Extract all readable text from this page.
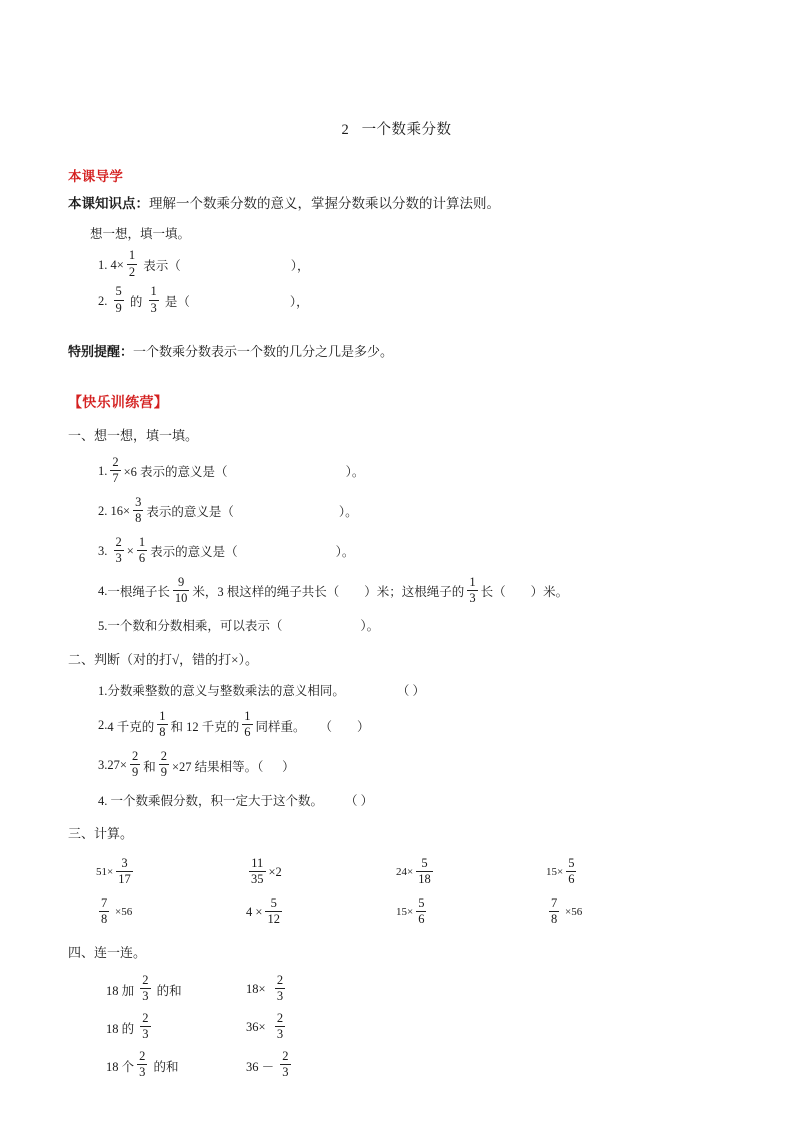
2   一个数乘分数
本课导学
本课知识点：理解一个数乘分数的意义，掌握分数乘以分数的计算法则。
想一想，填一填。
1.
$4\times \frac{1}{2}$ 表示（	），
2.
$\frac{5}{9}$ 的 $\frac{1}{3}$ 是（	），
特别提醒：一个数乘分数表示一个数的几分之几是多少。
【快乐训练营】
一、想一想，填一填。
1. $\frac{2}{7} \times 6$ 表示的意义是（	）。
2.
$16\times \frac{3}{8}$ 表示的意义是（	）。
3.
$\frac{2}{3} \times \frac{1}{6}$ 表示的意义是（	）。
4. 一根绳子长 $\frac{9}{10}$ 米，3 根这样的绳子共长（
　　 ）米；这根绳子的 $\frac{1}{3}$ 长（
　　 ）米。
5.一个数和分数相乘，可以表示（	）。
二、判断（对的打√，错的打×）。
1.分数乘整数的意义与整数乘法的意义相同。	（ ）
2. 4 千克的 $\frac{1}{8}$ 和 12 千克的 $\frac{1}{6}$ 同样重。 （        ）
3. $27\times \frac{2}{9}$ 和 $\frac{2}{9} \times 27$ 结果相等。（ ）
4. 一个数乘假分数，积一定大于这个数。 （ ）
三、计算。
$51\times \frac{3}{17}$	$\frac{11}{35} \times 2$	$24\times \frac{5}{18}$	$15\times \frac{5}{6}$
$\frac{7}{8} \times 56$	$4 \times \frac{5}{12}$	$15\times \frac{5}{6}$	$\frac{7}{8} \times 56$
四、连一连。
18 加 $\frac{2}{3}$ 的和	$18\times \frac{2}{3}$
18 的 $\frac{2}{3}$	$36\times \frac{2}{3}$
18 个 $\frac{2}{3}$ 的和	$36 - \frac{2}{3}$
